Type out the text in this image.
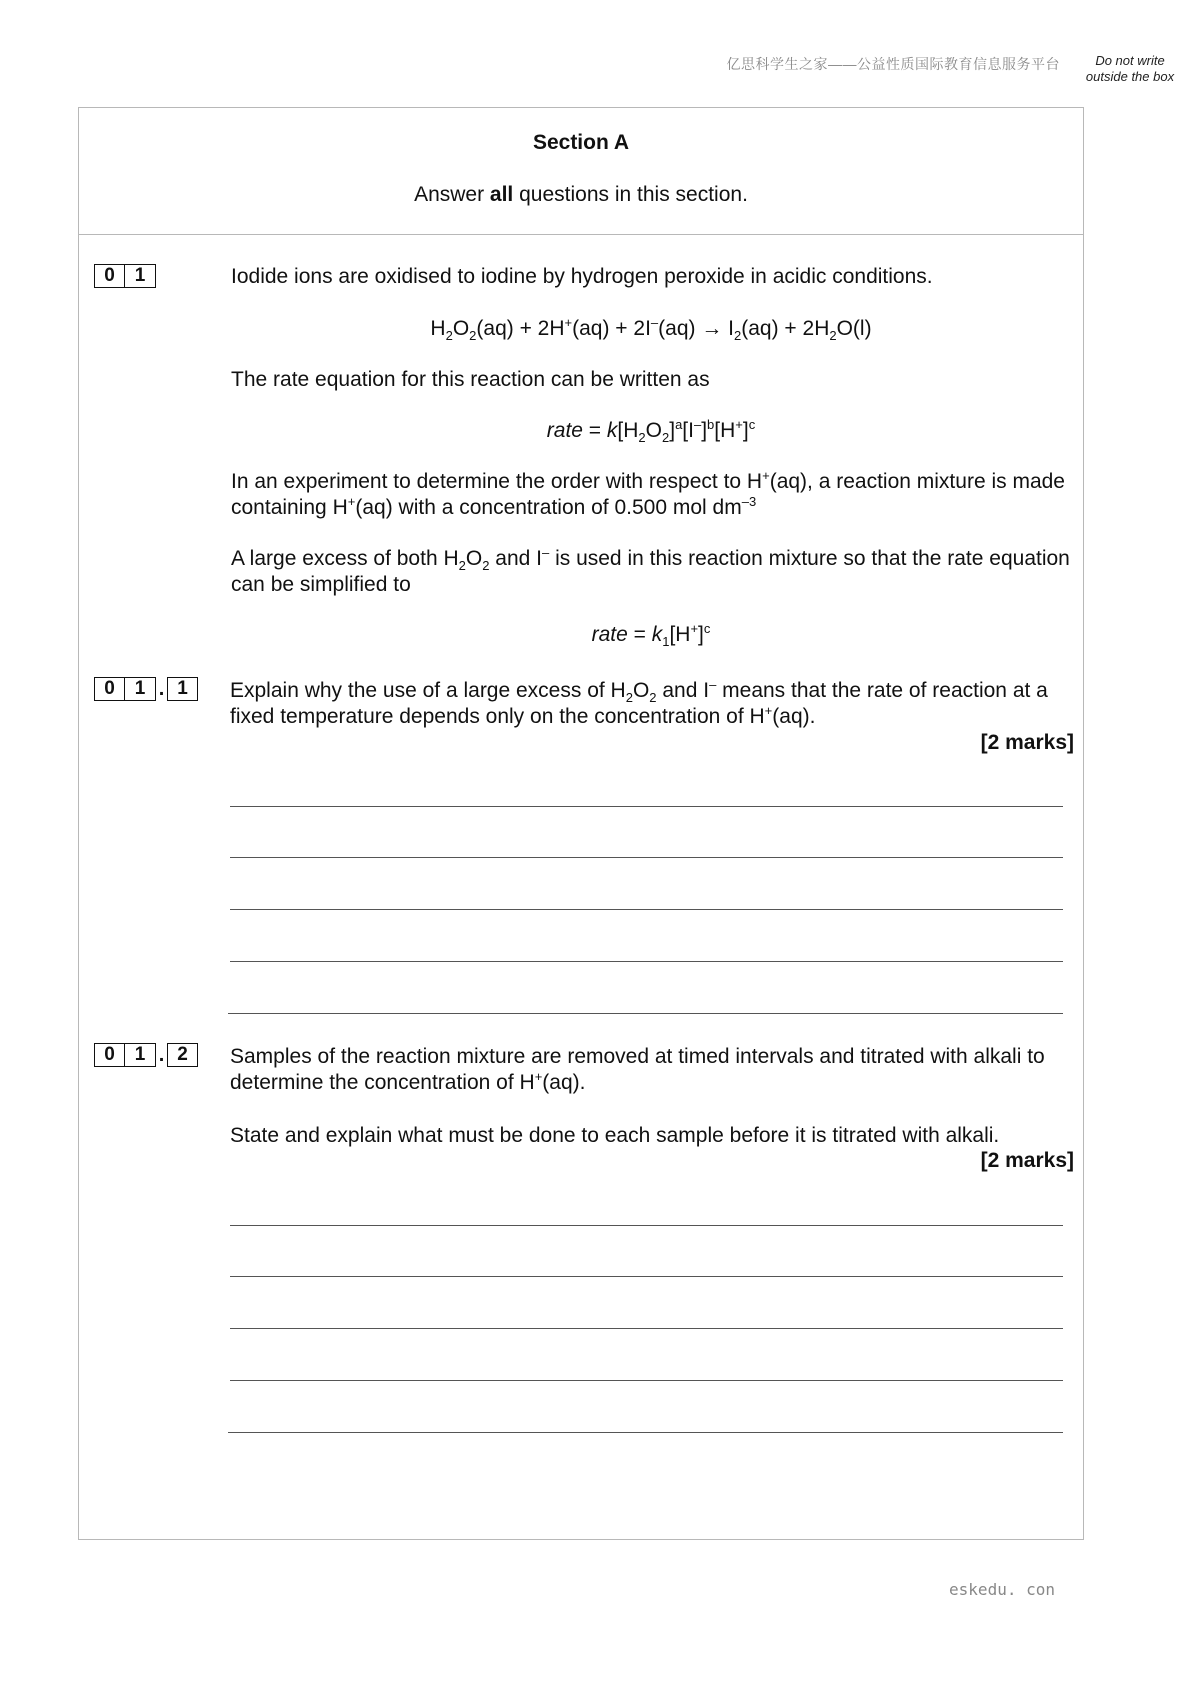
亿思科学生之家——公益性质国际教育信息服务平台	Do not write outside the box
Section A
Answer all questions in this section.
0	1	Iodide ions are oxidised to iodine by hydrogen peroxide in acidic conditions.
$H_2O_2(aq) + 2H^+(aq) + 2I^-(aq) \to I_2(aq) + 2H_2O(l)$
The rate equation for this reaction can be written as
rate = $k[H_2O_2]^a[I^-]^b[H^+]^c$
In an experiment to determine the order with respect to H+(aq), a reaction mixture is made containing H+(aq) with a concentration of 0.500 mol $dm^{-3}$
A large excess of both $H_2O_2$ and I– is used in this reaction mixture so that the rate equation can be simplified to
rate = $k_1[H^+]^c$
0	1 . 1	Explain why the use of a large excess of $H_2O_2$ and I– means that the rate of reaction at a fixed temperature depends only on the concentration of H+(aq).
[2 marks]
0	1 . 2	Samples of the reaction mixture are removed at timed intervals and titrated with alkali to determine the concentration of H+(aq).
State and explain what must be done to each sample before it is titrated with alkali.
[2 marks]
eskedu. con
